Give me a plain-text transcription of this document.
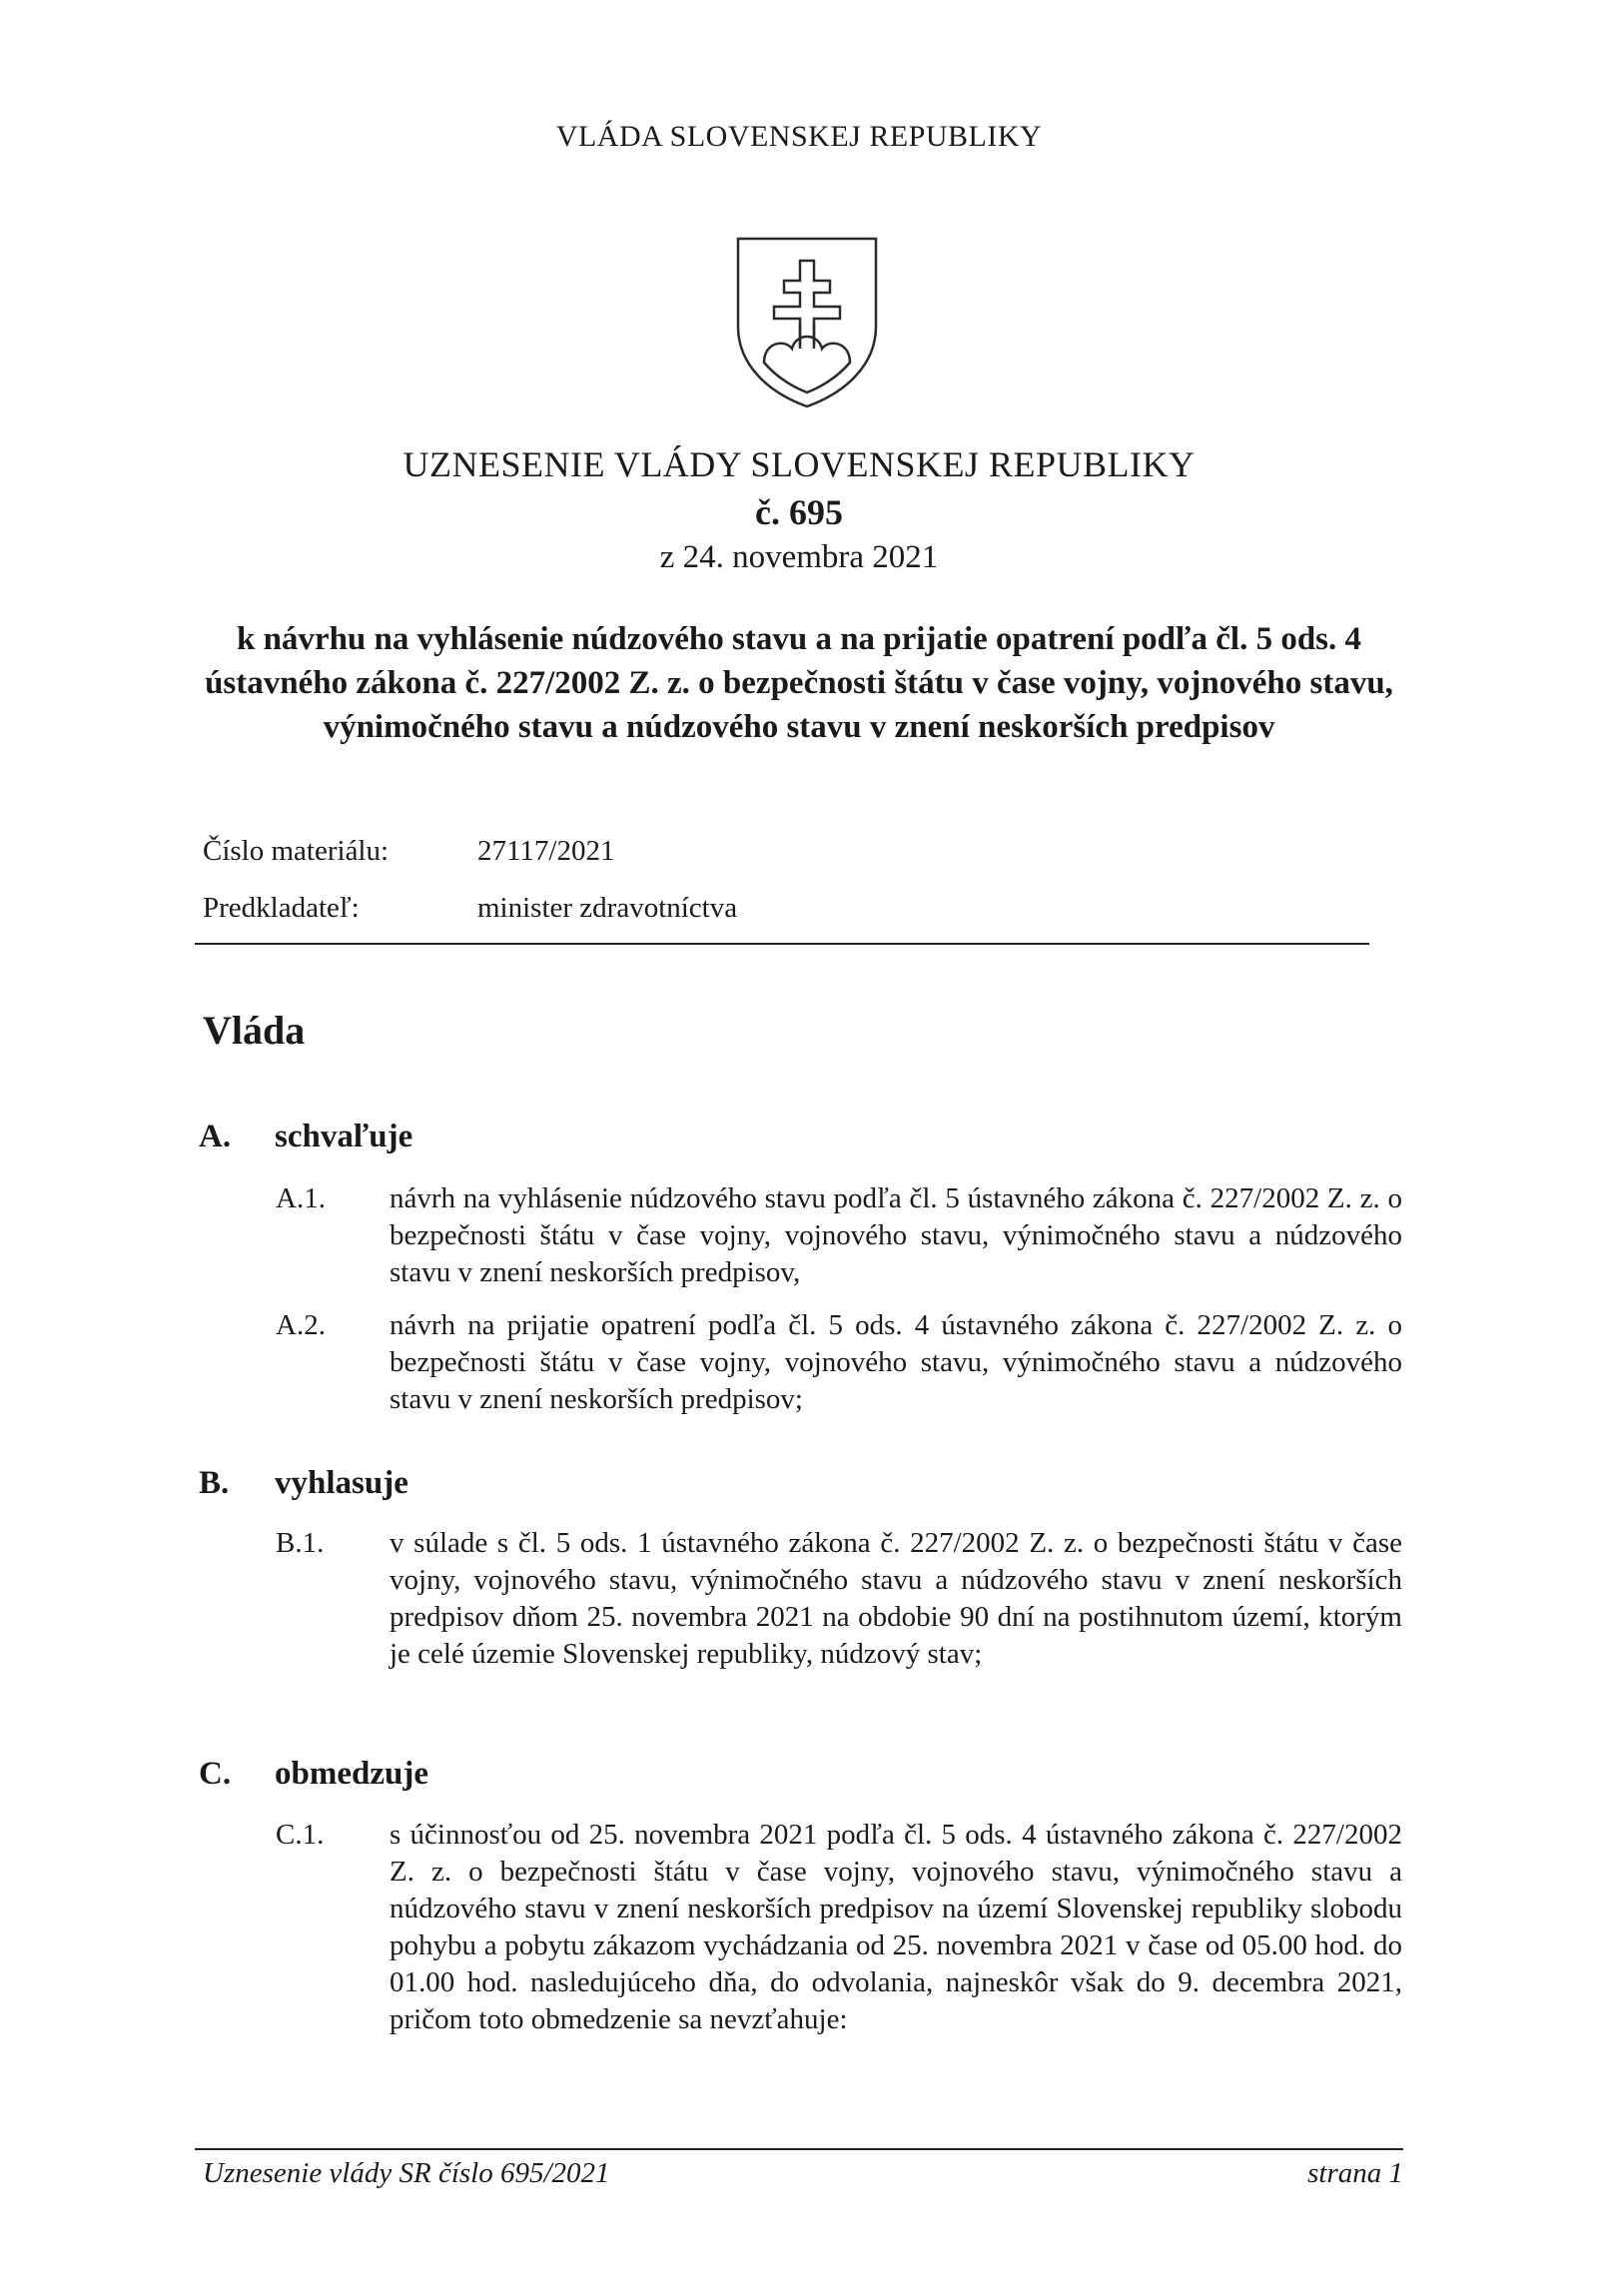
VLÁDA SLOVENSKEJ REPUBLIKY
UZNESENIE VLÁDY SLOVENSKEJ REPUBLIKY
č. 695
z 24. novembra 2021
k návrhu na vyhlásenie núdzového stavu a na prijatie opatrení podľa čl. 5 ods. 4 ústavného zákona č. 227/2002 Z. z. o bezpečnosti štátu v čase vojny, vojnového stavu, výnimočného stavu a núdzového stavu v znení neskorších predpisov
Číslo materiálu:	27117/2021
Predkladateľ:	minister zdravotníctva
Vláda
A. schvaľuje
A.1. návrh na vyhlásenie núdzového stavu podľa čl. 5 ústavného zákona č. 227/2002 Z. z. o bezpečnosti štátu v čase vojny, vojnového stavu, výnimočného stavu a núdzového stavu v znení neskorších predpisov,
A.2. návrh na prijatie opatrení podľa čl. 5 ods. 4 ústavného zákona č. 227/2002 Z. z. o bezpečnosti štátu v čase vojny, vojnového stavu, výnimočného stavu a núdzového stavu v znení neskorších predpisov;
B. vyhlasuje
B.1. v súlade s čl. 5 ods. 1 ústavného zákona č. 227/2002 Z. z. o bezpečnosti štátu v čase vojny, vojnového stavu, výnimočného stavu a núdzového stavu v znení neskorších predpisov dňom 25. novembra 2021 na obdobie 90 dní na postihnutom území, ktorým je celé územie Slovenskej republiky, núdzový stav;
C. obmedzuje
C.1. s účinnosťou od 25. novembra 2021 podľa čl. 5 ods. 4 ústavného zákona č. 227/2002 Z. z. o bezpečnosti štátu v čase vojny, vojnového stavu, výnimočného stavu a núdzového stavu v znení neskorších predpisov na území Slovenskej republiky slobodu pohybu a pobytu zákazom vychádzania od 25. novembra 2021 v čase od 05.00 hod. do 01.00 hod. nasledujúceho dňa, do odvolania, najneskôr však do 9. decembra 2021, pričom toto obmedzenie sa nevzťahuje:
Uznesenie vlády SR číslo 695/2021	strana 1
